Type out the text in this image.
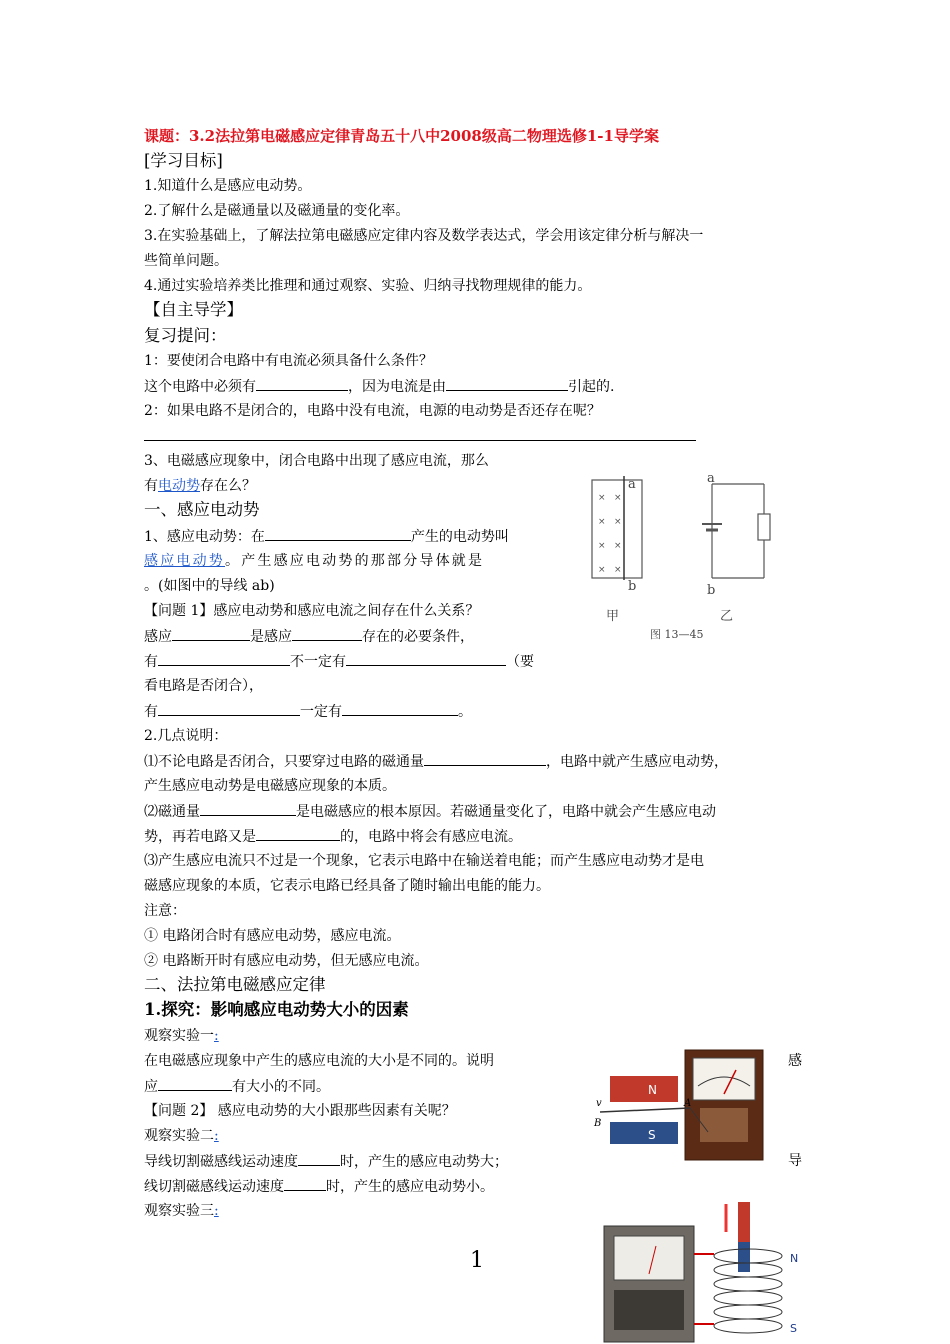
课题：3.2法拉第电磁感应定律青岛五十八中2008级高二物理选修1-1导学案
[学习目标]
1.知道什么是感应电动势。
2.了解什么是磁通量以及磁通量的变化率。
3.在实验基础上，了解法拉第电磁感应定律内容及数学表达式，学会用该定律分析与解决一
些简单问题。
4.通过实验培养类比推理和通过观察、实验、归纳寻找物理规律的能力。
【自主导学】
复习提问：
1：要使闭合电路中有电流必须具备什么条件？
这个电路中必须有	，因为电流是由	引起的.
2：如果电路不是闭合的，电路中没有电流，电源的电动势是否还存在呢？
3、电磁感应现象中，闭合电路中出现了感应电流，那么
有电动势存在么？
一、感应电动势
1、感应电动势：在	产生的电动势叫
感应电动势。产生感应电动势的那部分导体就是
。(如图中的导线 ab)
【问题 1】感应电动势和感应电流之间存在什么关系？
感应	是感应	存在的必要条件，
有	不一定有	（要
看电路是否闭合），
有	一定有	。
2.几点说明：
⑴不论电路是否闭合，只要穿过电路的磁通量	，电路中就产生感应电动势，
产生感应电动势是电磁感应现象的本质。
⑵磁通量	是电磁感应的根本原因。若磁通量变化了，电路中就会产生感应电动
势，再若电路又是	的，电路中将会有感应电流。
⑶产生感应电流只不过是一个现象，它表示电路中在输送着电能；而产生感应电动势才是电
磁感应现象的本质，它表示电路已经具备了随时输出电能的能力。
注意：
① 电路闭合时有感应电动势，感应电流。
② 电路断开时有感应电动势，但无感应电流。
二、法拉第电磁感应定律
1.探究：影响感应电动势大小的因素
观察实验一:
在电磁感应现象中产生的感应电流的大小是不同的。说明	感
应	有大小的不同。
【问题 2】 感应电动势的大小跟那些因素有关呢？
观察实验二:
导线切割磁感线运动速度	时，产生的感应电动势大；	导
线切割磁感线运动速度	时，产生的感应电动势小。
观察实验三:
× ×
× ×
× ×
× ×
a
b
a
b
甲	乙
图 13—45
N
S
A
B
v
N
S
1
